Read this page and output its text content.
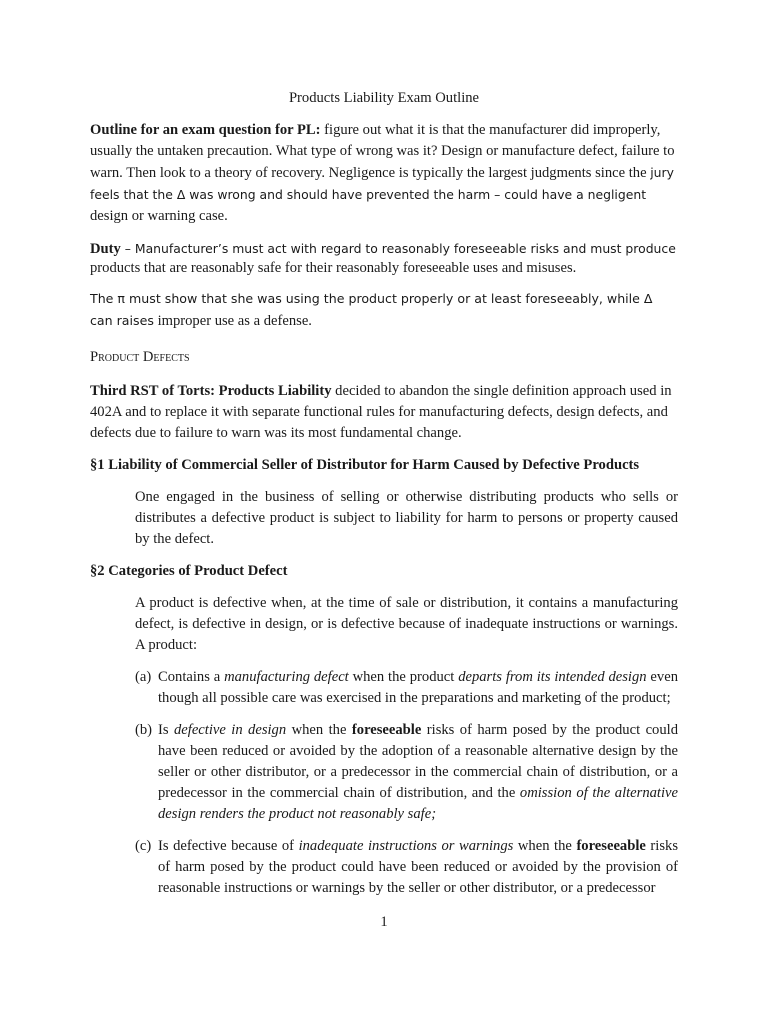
Products Liability Exam Outline

Outline for an exam question for PL: figure out what it is that the manufacturer did improperly, usually the untaken precaution. What type of wrong was it? Design or manufacture defect, failure to warn. Then look to a theory of recovery. Negligence is typically the largest judgments since the jury feels that the Δ was wrong and should have prevented the harm – could have a negligent design or warning case.

Duty – Manufacturer’s must act with regard to reasonably foreseeable risks and must produce
products that are reasonably safe for their reasonably foreseeable uses and misuses.

The π must show that she was using the product properly or at least foreseeably, while Δ can raises improper use as a defense.

Product Defects

Third RST of Torts: Products Liability decided to abandon the single definition approach used in 402A and to replace it with separate functional rules for manufacturing defects, design defects, and defects due to failure to warn was its most fundamental change.

§1 Liability of Commercial Seller of Distributor for Harm Caused by Defective Products

One engaged in the business of selling or otherwise distributing products who sells or distributes a defective product is subject to liability for harm to persons or property caused by the defect.

§2 Categories of Product Defect

A product is defective when, at the time of sale or distribution, it contains a manufacturing defect, is defective in design, or is defective because of inadequate instructions or warnings. A product:

(a) Contains a manufacturing defect when the product departs from its intended design even though all possible care was exercised in the preparations and marketing of the product;
(b) Is defective in design when the foreseeable risks of harm posed by the product could have been reduced or avoided by the adoption of a reasonable alternative design by the seller or other distributor, or a predecessor in the commercial chain of distribution, or a predecessor in the commercial chain of distribution, and the omission of the alternative design renders the product not reasonably safe;
(c) Is defective because of inadequate instructions or warnings when the foreseeable risks of harm posed by the product could have been reduced or avoided by the provision of reasonable instructions or warnings by the seller or other distributor, or a predecessor
1
